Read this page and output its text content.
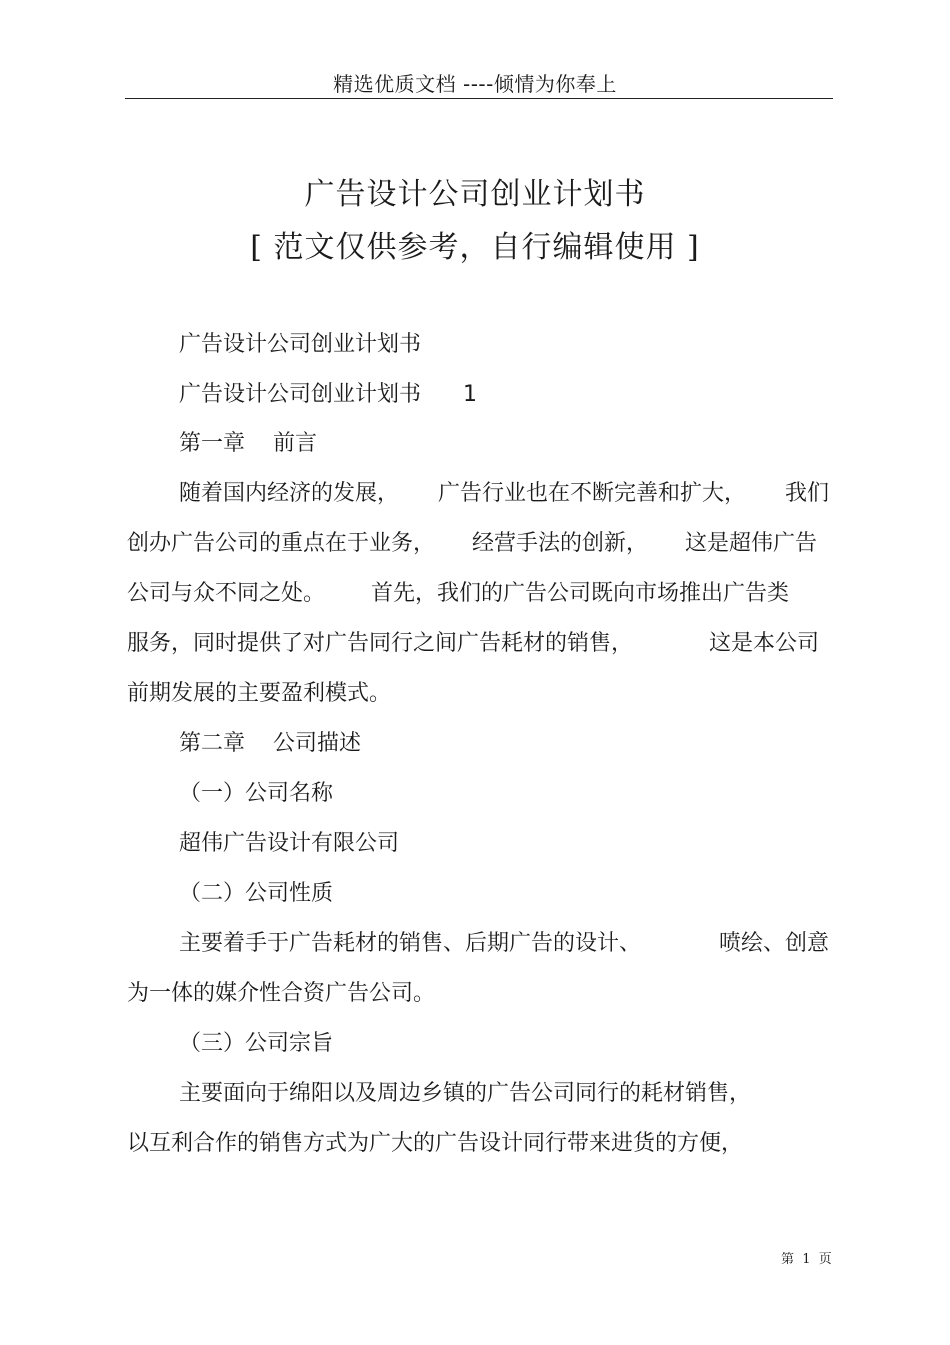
精选优质文档 ----倾情为你奉上
广告设计公司创业计划书
[ 范文仅供参考，自行编辑使用 ]
广告设计公司创业计划书
广告设计公司创业计划书      1
第一章    前言
随着国内经济的发展， 广告行业也在不断完善和扩大， 我们
创办广告公司的重点在于业务， 经营手法的创新， 这是超伟广告
公司与众不同之处。 首先，我们的广告公司既向市场推出广告类
服务，同时提供了对广告同行之间广告耗材的销售，	这是本公司
前期发展的主要盈利模式。
第二章    公司描述
（一）公司名称
超伟广告设计有限公司
（二）公司性质
主要着手于广告耗材的销售、后期广告的设计、	喷绘、创意
为一体的媒介性合资广告公司。
（三）公司宗旨
主要面向于绵阳以及周边乡镇的广告公司同行的耗材销售，
以互利合作的销售方式为广大的广告设计同行带来进货的方便，
第  1  页
